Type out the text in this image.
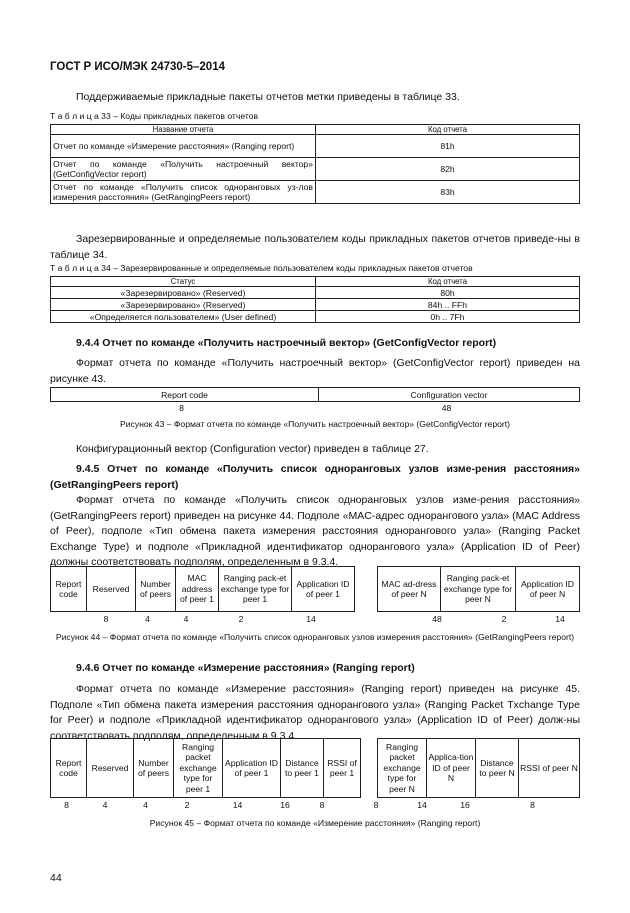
ГОСТ Р ИСО/МЭК 24730-5–2014
Поддерживаемые прикладные пакеты отчетов метки приведены в таблице 33.
Т а б л и ц а 33 – Коды прикладных пакетов отчетов
Название отчета	Код отчета
Отчет по команде «Измерение расстояния» (Ranging report)	81h
Отчет по команде «Получить настроечный вектор» (GetConfigVector report)	82h
Отчет по команде «Получить список одноранговых уз-лов измерения расстояния» (GetRangingPeers report)	83h
Зарезервированные и определяемые пользователем коды прикладных пакетов отчетов приведе-ны в таблице 34.
Т а б л и ц а 34 – Зарезервированные и определяемые пользователем коды прикладных пакетов отчетов
Статус	Код отчета
«Зарезервировано» (Reserved)	80h
«Зарезервировано» (Reserved)	84h .. FFh
«Определяется пользователем» (User defined)	0h .. 7Fh
9.4.4 Отчет по команде «Получить настроечный вектор» (GetConfigVector report)
Формат отчета по команде «Получить настроечный вектор» (GetConfigVector report) приведен на рисунке 43.
Report code	Configuration vector
8	48
Рисунок 43 – Формат отчета по команде «Получить настроечный вектор» (GetConfigVector report)
Конфигурационный вектор (Configuration vector) приведен в таблице 27.
9.4.5 Отчет по команде «Получить список одноранговых узлов изме-рения расстояния» (GetRangingPeers report)
Формат отчета по команде «Получить список одноранговых узлов изме-рения расстояния» (GetRangingPeers report) приведен на рисунке 44. Подполе «MAC-адрес однорангового узла» (MAC Address of Peer), подполе «Тип обмена пакета измерения расстояния однорангового узла» (Ranging Packet Exchange Type) и подполе «Прикладной идентификатор однорангового узла» (Application ID of Peer) должны соответствовать подполям, определенным в 9.3.4.
Report code	Reserved	Number of peers	MAC address of peer 1	Ranging pack-et exchange type for peer 1	Application ID of peer 1		MAC ad-dress of peer N	Ranging pack-et exchange type for peer N	Application ID of peer N
8	4	4	2	14	48	2	14
Рисунок 44 – Формат отчета по команде «Получить список одноранговых узлов измерения расстояния» (GetRangingPeers report)
9.4.6 Отчет по команде «Измерение расстояния» (Ranging report)
Формат отчета по команде «Измерение расстояния» (Ranging report) приведен на рисунке 45. Подполе «Тип обмена пакета измерения расстояния однорангового узла» (Ranging Packet Txchange Type for Peer) и подполе «Прикладной идентификатор однорангового узла» (Application ID of Peer) долж-ны соответствовать подполям, определенным в 9.3.4.
Report code	Reserved	Number of peers	Ranging packet exchange type for peer 1	Application ID of peer 1	Distance to peer 1	RSSI of peer 1		Ranging packet exchange type for peer N	Applica-tion ID of peer N	Distance to peer N	RSSI of peer N
8	4	4	2	14	16	8	8	14	16	8
Рисунок 45 – Формат отчета по команде «Измерение расстояния» (Ranging report)
44
